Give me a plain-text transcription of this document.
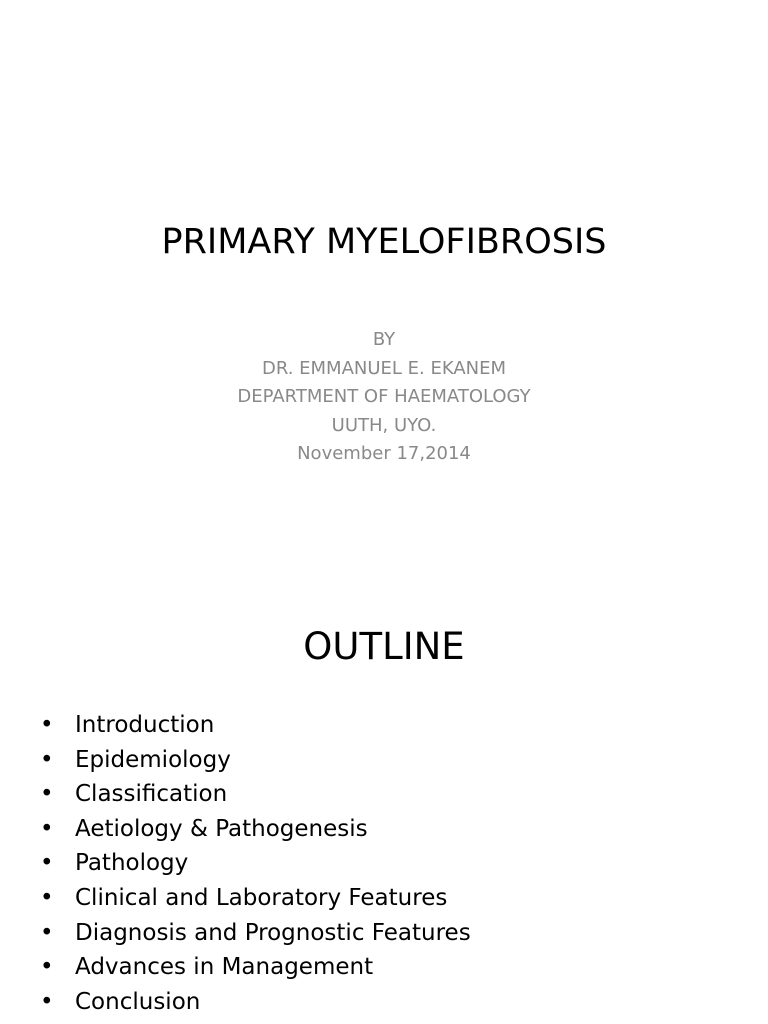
PRIMARY MYELOFIBROSIS
BY
DR. EMMANUEL E. EKANEM
DEPARTMENT OF HAEMATOLOGY
UUTH, UYO.
November 17,2014
OUTLINE
• Introduction
• Epidemiology
• Classification
• Aetiology & Pathogenesis
• Pathology
• Clinical and Laboratory Features
• Diagnosis and Prognostic Features
• Advances in Management
• Conclusion
